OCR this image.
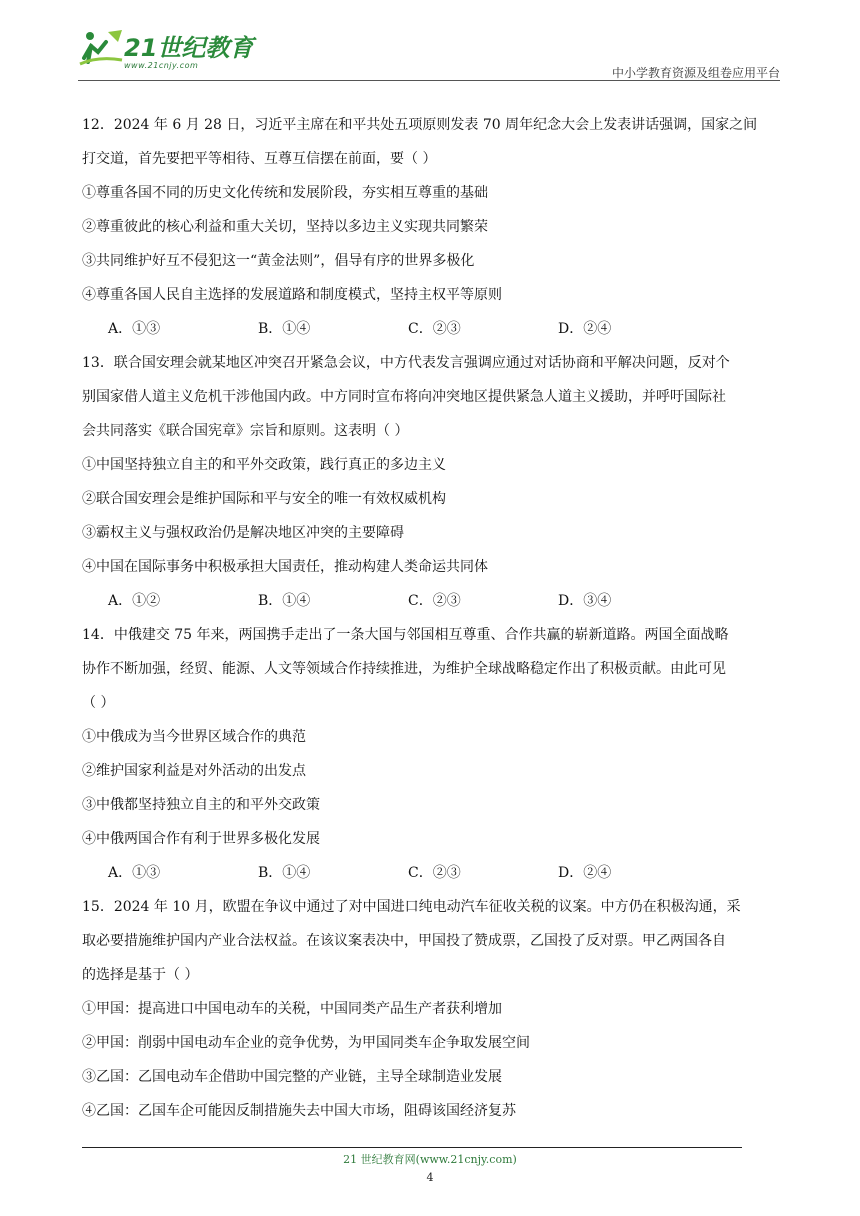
21世纪教育
www.21cnjy.com
中小学教育资源及组卷应用平台

12．2024 年 6 月 28 日，习近平主席在和平共处五项原则发表 70 周年纪念大会上发表讲话强调，国家之间

打交道，首先要把平等相待、互尊互信摆在前面，要（ ）

①尊重各国不同的历史文化传统和发展阶段，夯实相互尊重的基础

②尊重彼此的核心利益和重大关切，坚持以多边主义实现共同繁荣

③共同维护好互不侵犯这一“黄金法则”，倡导有序的世界多极化

④尊重各国人民自主选择的发展道路和制度模式，坚持主权平等原则

A．①③	B．①④	C．②③	D．②④

13．联合国安理会就某地区冲突召开紧急会议，中方代表发言强调应通过对话协商和平解决问题，反对个

别国家借人道主义危机干涉他国内政。中方同时宣布将向冲突地区提供紧急人道主义援助，并呼吁国际社

会共同落实《联合国宪章》宗旨和原则。这表明（ ）

①中国坚持独立自主的和平外交政策，践行真正的多边主义

②联合国安理会是维护国际和平与安全的唯一有效权威机构

③霸权主义与强权政治仍是解决地区冲突的主要障碍

④中国在国际事务中积极承担大国责任，推动构建人类命运共同体

A．①②	B．①④	C．②③	D．③④

14．中俄建交 75 年来，两国携手走出了一条大国与邻国相互尊重、合作共赢的崭新道路。两国全面战略

协作不断加强，经贸、能源、人文等领域合作持续推进，为维护全球战略稳定作出了积极贡献。由此可见

（ ）

①中俄成为当今世界区域合作的典范

②维护国家利益是对外活动的出发点

③中俄都坚持独立自主的和平外交政策

④中俄两国合作有利于世界多极化发展

A．①③	B．①④	C．②③	D．②④

15．2024 年 10 月，欧盟在争议中通过了对中国进口纯电动汽车征收关税的议案。中方仍在积极沟通，采

取必要措施维护国内产业合法权益。在该议案表决中，甲国投了赞成票，乙国投了反对票。甲乙两国各自

的选择是基于（ ）

①甲国：提高进口中国电动车的关税，中国同类产品生产者获利增加

②甲国：削弱中国电动车企业的竞争优势，为甲国同类车企争取发展空间

③乙国：乙国电动车企借助中国完整的产业链，主导全球制造业发展

④乙国：乙国车企可能因反制措施失去中国大市场，阻碍该国经济复苏

21 世纪教育网(www.21cnjy.com)
4
